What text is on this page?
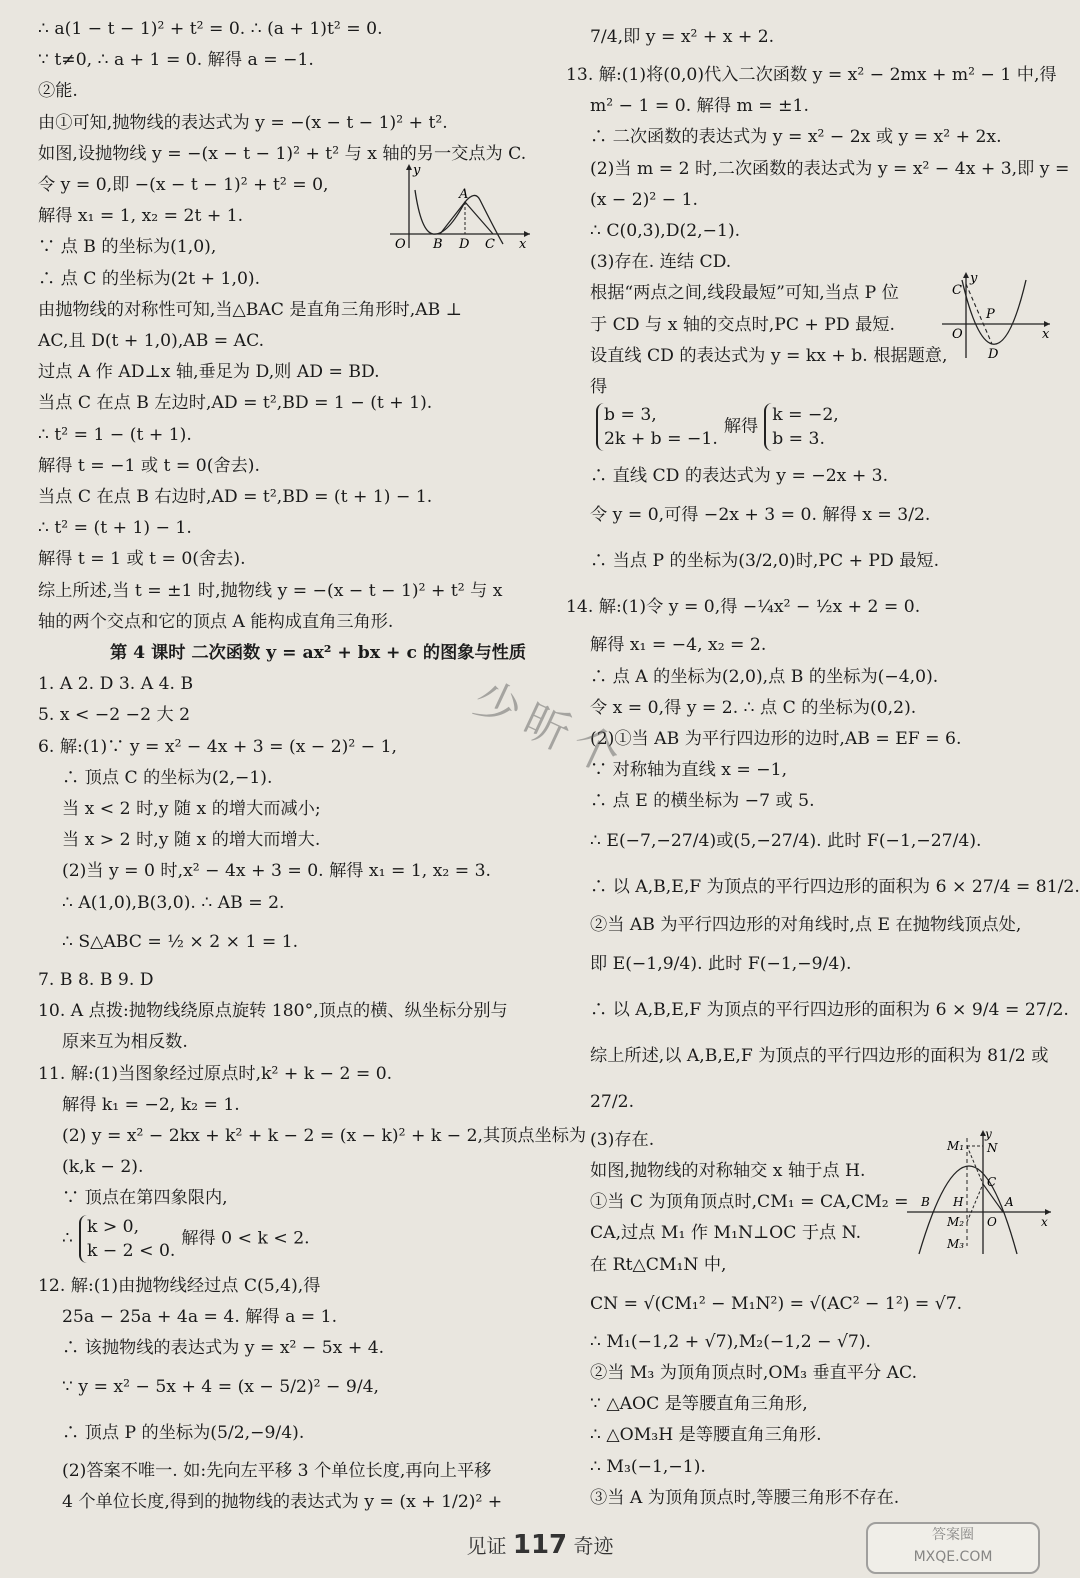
∴ a(1 − t − 1)² + t² = 0. ∴ (a + 1)t² = 0.
∵ t≠0, ∴ a + 1 = 0. 解得 a = −1.
②能.
由①可知,抛物线的表达式为 y = −(x − t − 1)² + t².
如图,设抛物线 y = −(x − t − 1)² + t² 与 x 轴的另一交点为 C.
令 y = 0,即 −(x − t − 1)² + t² = 0,
解得 x₁ = 1, x₂ = 2t + 1.
∵ 点 B 的坐标为(1,0),
∴ 点 C 的坐标为(2t + 1,0).
由抛物线的对称性可知,当△BAC 是直角三角形时,AB ⊥
AC,且 D(t + 1,0),AB = AC.
过点 A 作 AD⊥x 轴,垂足为 D,则 AD = BD.
当点 C 在点 B 左边时,AD = t²,BD = 1 − (t + 1).
∴ t² = 1 − (t + 1).
解得 t = −1 或 t = 0(舍去).
当点 C 在点 B 右边时,AD = t²,BD = (t + 1) − 1.
∴ t² = (t + 1) − 1.
解得 t = 1 或 t = 0(舍去).
综上所述,当 t = ±1 时,抛物线 y = −(x − t − 1)² + t² 与 x
轴的两个交点和它的顶点 A 能构成直角三角形.
第 4 课时 二次函数 y = ax² + bx + c 的图象与性质
1. A 2. D 3. A 4. B
5. x < −2 −2 大 2
6. 解:(1)∵ y = x² − 4x + 3 = (x − 2)² − 1,
∴ 顶点 C 的坐标为(2,−1).
当 x < 2 时,y 随 x 的增大而减小;
当 x > 2 时,y 随 x 的增大而增大.
(2)当 y = 0 时,x² − 4x + 3 = 0. 解得 x₁ = 1, x₂ = 3.
∴ A(1,0),B(3,0). ∴ AB = 2.
∴ S△ABC = ½ × 2 × 1 = 1.
7. B 8. B 9. D
10. A 点拨:抛物线绕原点旋转 180°,顶点的横、纵坐标分别与
原来互为相反数.
11. 解:(1)当图象经过原点时,k² + k − 2 = 0.
解得 k₁ = −2, k₂ = 1.
(2) y = x² − 2kx + k² + k − 2 = (x − k)² + k − 2,其顶点坐标为
(k,k − 2).
∵ 顶点在第四象限内,
∴k > 0,
k − 2 < 0.解得 0 < k < 2.
12. 解:(1)由抛物线经过点 C(5,4),得
25a − 25a + 4a = 4. 解得 a = 1.
∴ 该抛物线的表达式为 y = x² − 5x + 4.
∵ y = x² − 5x + 4 = (x − 5/2)² − 9/4,
∴ 顶点 P 的坐标为(5/2,−9/4).
(2)答案不唯一. 如:先向左平移 3 个单位长度,再向上平移
4 个单位长度,得到的抛物线的表达式为 y = (x + 1/2)² +
7/4,即 y = x² + x + 2.
13. 解:(1)将(0,0)代入二次函数 y = x² − 2mx + m² − 1 中,得
m² − 1 = 0. 解得 m = ±1.
∴ 二次函数的表达式为 y = x² − 2x 或 y = x² + 2x.
(2)当 m = 2 时,二次函数的表达式为 y = x² − 4x + 3,即 y =
(x − 2)² − 1.
∴ C(0,3),D(2,−1).
(3)存在. 连结 CD.
根据“两点之间,线段最短”可知,当点 P 位
于 CD 与 x 轴的交点时,PC + PD 最短.
设直线 CD 的表达式为 y = kx + b. 根据题意,
得
b = 3,
2k + b = −1.解得k = −2,
b = 3.
∴ 直线 CD 的表达式为 y = −2x + 3.
令 y = 0,可得 −2x + 3 = 0. 解得 x = 3/2.
∴ 当点 P 的坐标为(3/2,0)时,PC + PD 最短.
14. 解:(1)令 y = 0,得 −¼x² − ½x + 2 = 0.
解得 x₁ = −4, x₂ = 2.
∴ 点 A 的坐标为(2,0),点 B 的坐标为(−4,0).
令 x = 0,得 y = 2. ∴ 点 C 的坐标为(0,2).
(2)①当 AB 为平行四边形的边时,AB = EF = 6.
∵ 对称轴为直线 x = −1,
∴ 点 E 的横坐标为 −7 或 5.
∴ E(−7,−27/4)或(5,−27/4). 此时 F(−1,−27/4).
∴ 以 A,B,E,F 为顶点的平行四边形的面积为 6 × 27/4 = 81/2.
②当 AB 为平行四边形的对角线时,点 E 在抛物线顶点处,
即 E(−1,9/4). 此时 F(−1,−9/4).
∴ 以 A,B,E,F 为顶点的平行四边形的面积为 6 × 9/4 = 27/2.
综上所述,以 A,B,E,F 为顶点的平行四边形的面积为 81/2 或
27/2.
(3)存在.
如图,抛物线的对称轴交 x 轴于点 H.
①当 C 为顶角顶点时,CM₁ = CA,CM₂ =
CA,过点 M₁ 作 M₁N⊥OC 于点 N.
在 Rt△CM₁N 中,
CN = √(CM₁² − M₁N²) = √(AC² − 1²) = √7.
∴ M₁(−1,2 + √7),M₂(−1,2 − √7).
②当 M₃ 为顶角顶点时,OM₃ 垂直平分 AC.
∵ △AOC 是等腰直角三角形,
∴ △OM₃H 是等腰直角三角形.
∴ M₃(−1,−1).
③当 A 为顶角顶点时,等腰三角形不存在.
y
A
O B D C x
y
C
P
O
D
x
y
M₁ N
C
B H	A
M₂ O
M₃
x
少昕个
见证 117 奇迹	答案圈
MXQE.COM
